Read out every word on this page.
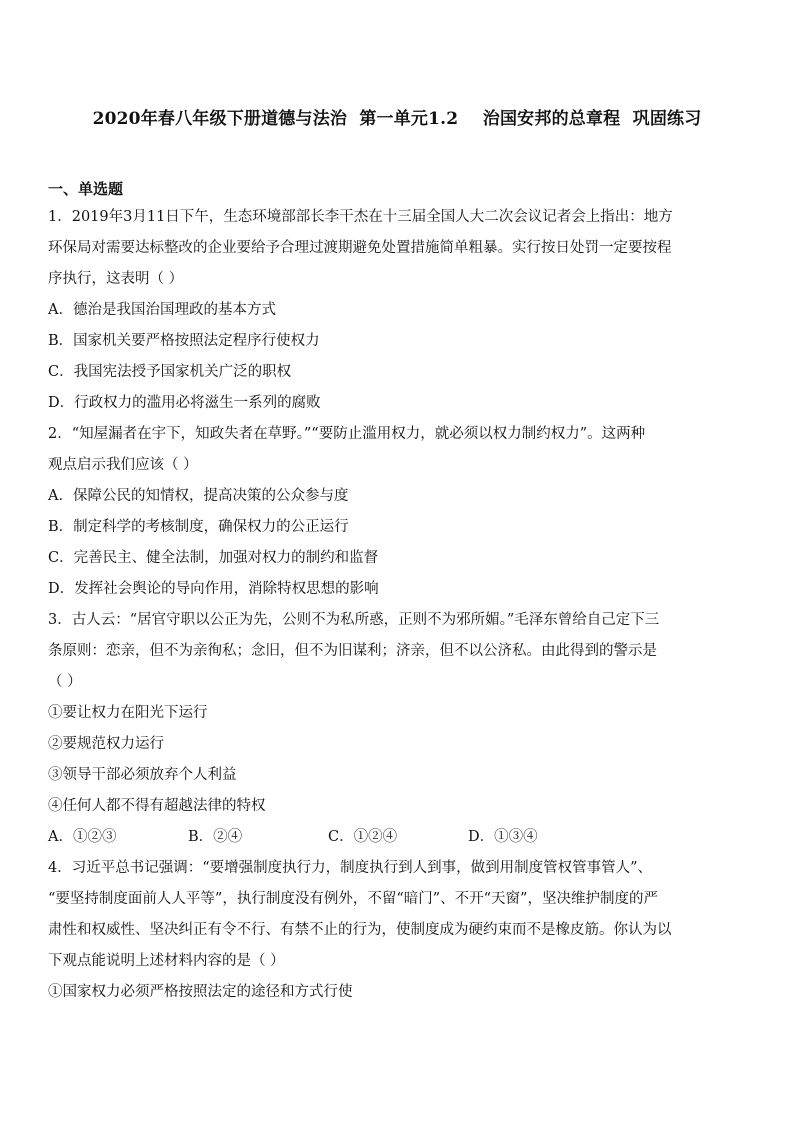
2020年春八年级下册道德与法治  第一单元1.2    治国安邦的总章程  巩固练习
一、单选题
1．2019年3月11日下午，生态环境部部长李干杰在十三届全国人大二次会议记者会上指出：地方
环保局对需要达标整改的企业要给予合理过渡期避免处置措施简单粗暴。实行按日处罚一定要按程
序执行，这表明（ ）
A．德治是我国治国理政的基本方式
B．国家机关要严格按照法定程序行使权力
C．我国宪法授予国家机关广泛的职权
D．行政权力的滥用必将滋生一系列的腐败
2．“知屋漏者在宇下，知政失者在草野。”“要防止滥用权力，就必须以权力制约权力”。这两种
观点启示我们应该（ ）
A．保障公民的知情权，提高决策的公众参与度
B．制定科学的考核制度，确保权力的公正运行
C．完善民主、健全法制，加强对权力的制约和监督
D．发挥社会舆论的导向作用，消除特权思想的影响
3．古人云：“居官守职以公正为先，公则不为私所惑，正则不为邪所媚。”毛泽东曾给自己定下三
条原则：恋亲，但不为亲徇私；念旧，但不为旧谋利；济亲，但不以公济私。由此得到的警示是
（ ）
①要让权力在阳光下运行
②要规范权力运行
③领导干部必须放弃个人利益
④任何人都不得有超越法律的特权
A．①②③	B．②④	C．①②④	D．①③④
4．习近平总书记强调：“要增强制度执行力，制度执行到人到事，做到用制度管权管事管人”、
“要坚持制度面前人人平等”，执行制度没有例外，不留“暗门”、不开“天窗”，坚决维护制度的严
肃性和权威性、坚决纠正有令不行、有禁不止的行为，使制度成为硬约束而不是橡皮筋。你认为以
下观点能说明上述材料内容的是（ ）
①国家权力必须严格按照法定的途径和方式行使
